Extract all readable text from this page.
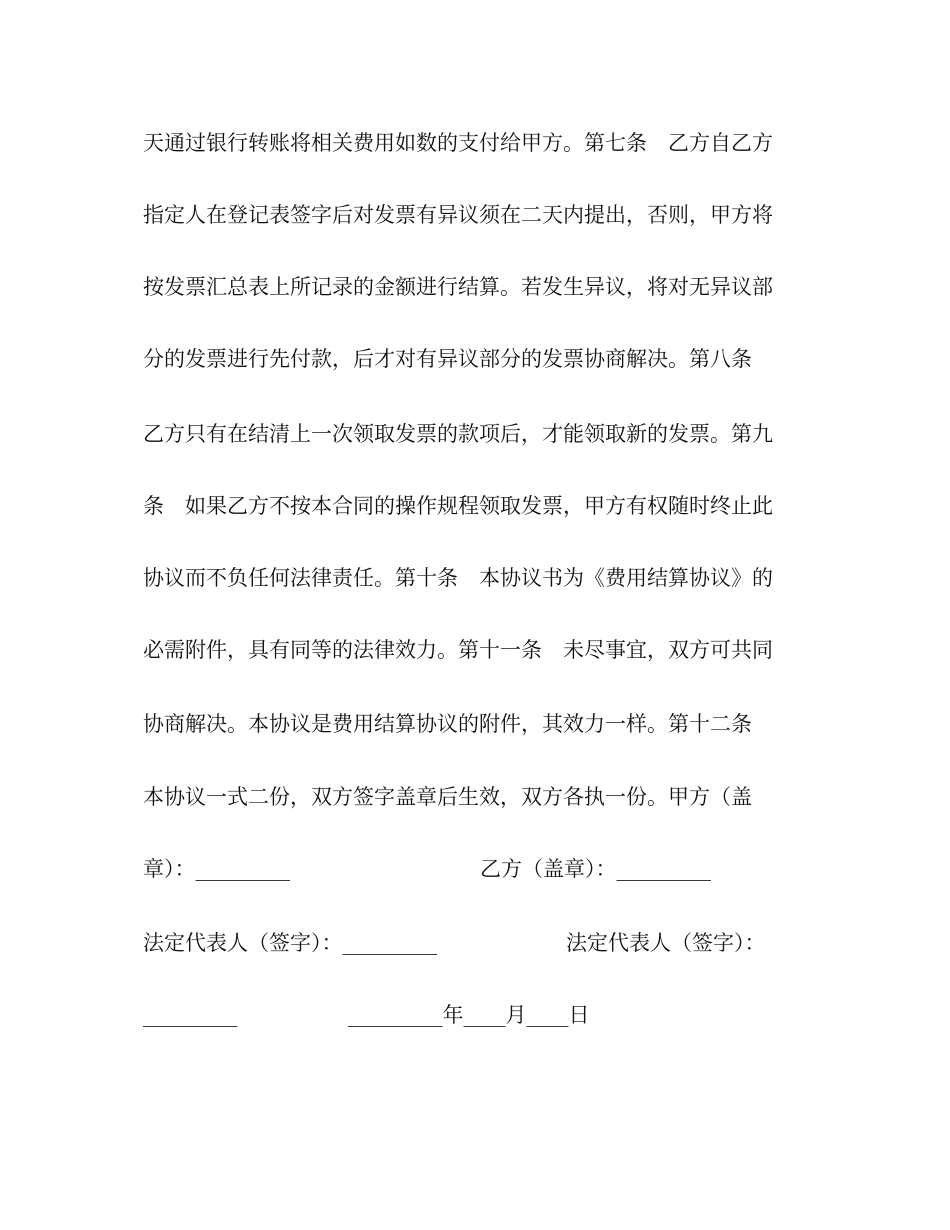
天通过银行转账将相关费用如数的支付给甲方。第七条　乙方自乙方
指定人在登记表签字后对发票有异议须在二天内提出，否则，甲方将
按发票汇总表上所记录的金额进行结算。若发生异议，将对无异议部
分的发票进行先付款，后才对有异议部分的发票协商解决。第八条
乙方只有在结清上一次领取发票的款项后，才能领取新的发票。第九
条　如果乙方不按本合同的操作规程领取发票，甲方有权随时终止此
协议而不负任何法律责任。第十条　本协议书为《费用结算协议》的
必需附件，具有同等的法律效力。第十一条　未尽事宜，双方可共同
协商解决。本协议是费用结算协议的附件，其效力一样。第十二条
本协议一式二份，双方签字盖章后生效，双方各执一份。甲方（盖

章）：_________

	乙方（盖章）：_________

法定代表人（签字）：_________

	法定代表人（签字）：

_________

	_________年____月____日
